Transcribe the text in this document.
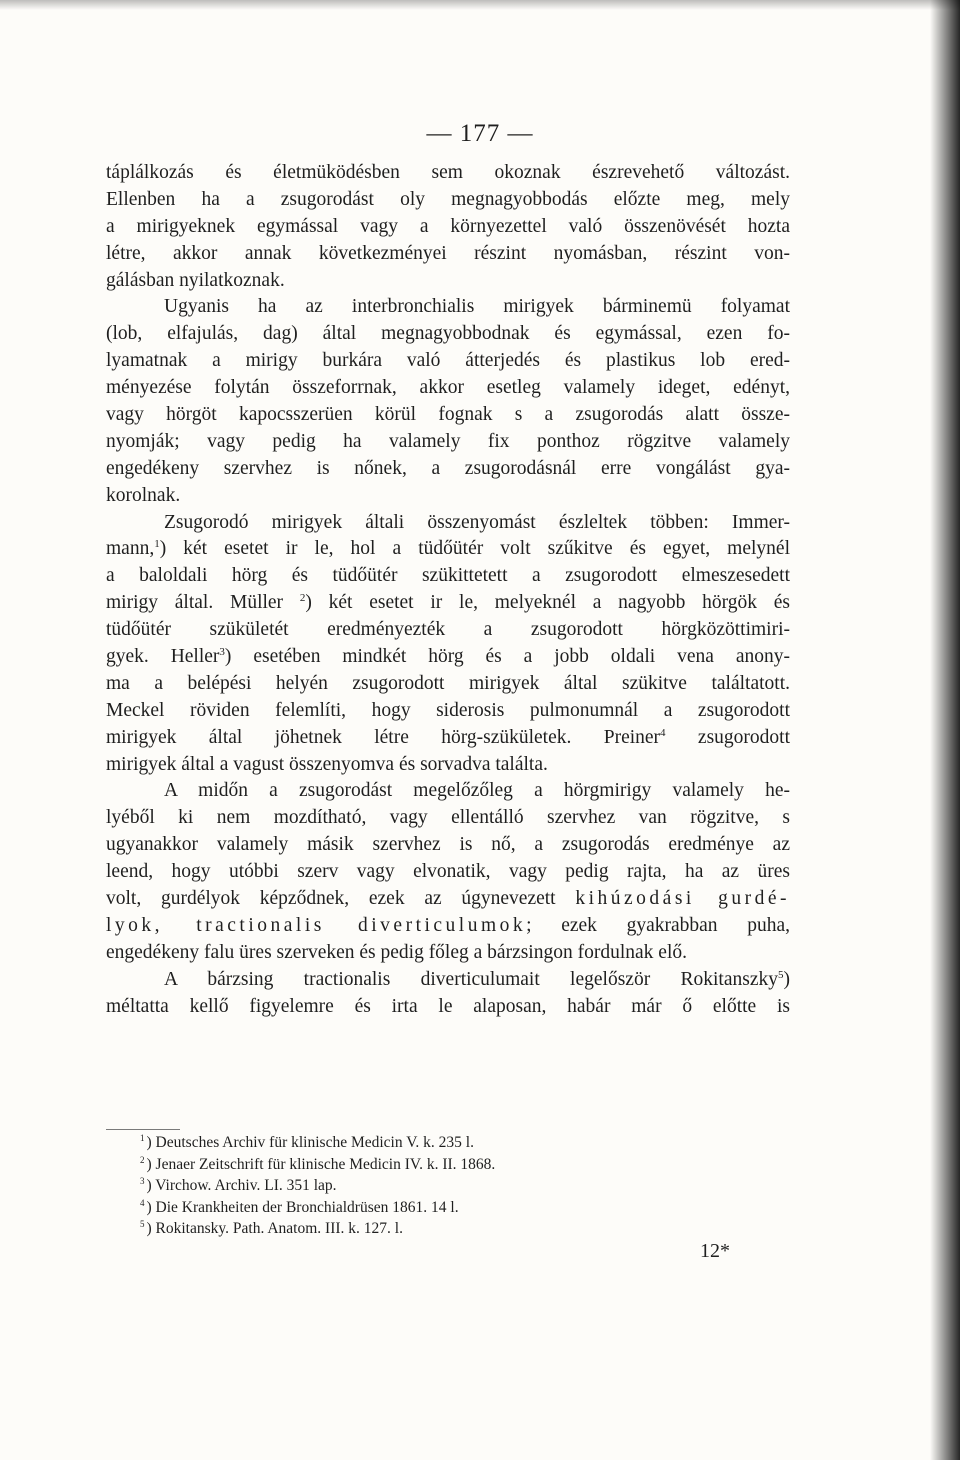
— 177 —
táplálkozás és életmüködésben sem okoznak észrevehető változást.
Ellenben ha a zsugorodást oly megnagyobbodás előzte meg, mely
a mirigyeknek egymással vagy a környezettel való összenövését hozta
létre, akkor annak következményei részint nyomásban, részint von-
gálásban nyilatkoznak.
Ugyanis ha az interbronchialis mirigyek bárminemü folyamat
(lob, elfajulás, dag) által megnagyobbodnak és egymással, ezen fo-
lyamatnak a mirigy burkára való átterjedés és plastikus lob ered-
ményezése folytán összeforrnak, akkor esetleg valamely ideget, edényt,
vagy hörgöt kapocsszerüen körül fognak s a zsugorodás alatt össze-
nyomják; vagy pedig ha valamely fix ponthoz rögzitve valamely
engedékeny szervhez is nőnek, a zsugorodásnál erre vongálást gya-
korolnak.
Zsugorodó mirigyek általi összenyomást észleltek többen: Immer-
mann,$^1$) két esetet ir le, hol a tüdőütér volt szűkitve és egyet, melynél
a baloldali hörg és tüdőütér szükittetett a zsugorodott elmeszesedett
mirigy által. Müller $^2$) két esetet ir le, melyeknél a nagyobb hörgök és
tüdőütér szükületét eredményezték a zsugorodott hörgközöttimiri-
gyek. Heller$^3$) esetében mindkét hörg és a jobb oldali vena anony-
ma a belépési helyén zsugorodott mirigyek által szükitve találtatott.
Meckel röviden felemlíti, hogy siderosis pulmonumnál a zsugorodott
mirigyek által jöhetnek létre hörg-szükületek. Preiner$^4$ zsugorodott
mirigyek által a vagust összenyomva és sorvadva találta.
A midőn a zsugorodást megelőzőleg a hörgmirigy valamely he-
lyéből ki nem mozdítható, vagy ellentálló szervhez van rögzitve, s
ugyanakkor valamely másik szervhez is nő, a zsugorodás eredménye az
leend, hogy utóbbi szerv vagy elvonatik, vagy pedig rajta, ha az üres
volt, gurdélyok képződnek, ezek az úgynevezett kihúzodási gurdé-
lyok, tractionalis diverticulumok; ezek gyakrabban puha,
engedékeny falu üres szerveken és pedig főleg a bárzsingon fordulnak elő.
A bárzsing tractionalis diverticulumait legelőször Rokitanszky$^5$)
méltatta kellő figyelemre és irta le alaposan, habár már ő előtte is
$^1$ ) Deutsches Archiv für klinische Medicin V. k. 235 l.
$^2$ ) Jenaer Zeitschrift für klinische Medicin IV. k. II. 1868.
$^3$ ) Virchow. Archiv. LI. 351 lap.
$^4$ ) Die Krankheiten der Bronchialdrüsen 1861. 14 l.
$^5$ ) Rokitansky. Path. Anatom. III. k. 127. l.
12*
